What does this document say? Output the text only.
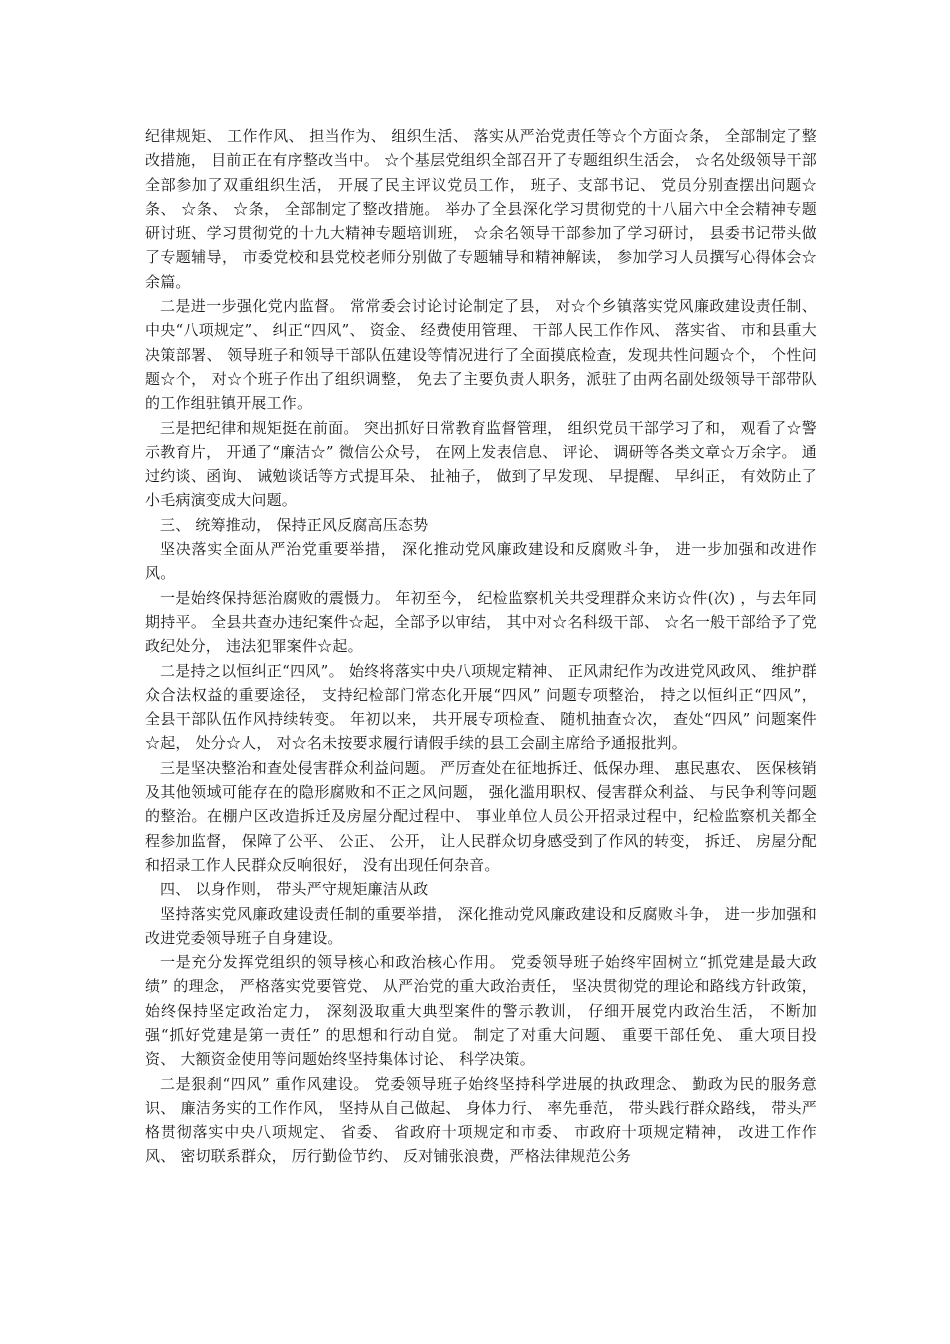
纪律规矩、 工作作风、 担当作为、 组织生活、 落实从严治党责任等☆个方面☆条， 全部制定了整改措施， 目前正在有序整改当中。 ☆个基层党组织全部召开了专题组织生活会， ☆名处级领导干部全部参加了双重组织生活， 开展了民主评议党员工作， 班子、支部书记、 党员分别查摆出问题☆条、 ☆条、 ☆条， 全部制定了整改措施。 举办了全县深化学习贯彻党的十八届六中全会精神专题研讨班、学习贯彻党的十九大精神专题培训班， ☆余名领导干部参加了学习研讨， 县委书记带头做了专题辅导， 市委党校和县党校老师分别做了专题辅导和精神解读， 参加学习人员撰写心得体会☆余篇。

二是进一步强化党内监督。 常常委会讨论讨论制定了县， 对☆个乡镇落实党风廉政建设责任制、 中央“八项规定”、 纠正“四风”、 资金、 经费使用管理、 干部人民工作作风、 落实省、 市和县重大决策部署、 领导班子和领导干部队伍建设等情况进行了全面摸底检查，发现共性问题☆个， 个性问题☆个， 对☆个班子作出了组织调整， 免去了主要负责人职务，派驻了由两名副处级领导干部带队的工作组驻镇开展工作。

三是把纪律和规矩挺在前面。 突出抓好日常教育监督管理， 组织党员干部学习了和， 观看了☆警示教育片， 开通了“廉洁☆” 微信公众号， 在网上发表信息、 评论、 调研等各类文章☆万余字。 通过约谈、函询、 诫勉谈话等方式提耳朵、 扯袖子， 做到了早发现、 早提醒、 早纠正， 有效防止了小毛病演变成大问题。

三、 统筹推动， 保持正风反腐高压态势

坚决落实全面从严治党重要举措， 深化推动党风廉政建设和反腐败斗争， 进一步加强和改进作风。

一是始终保持惩治腐败的震慑力。 年初至今， 纪检监察机关共受理群众来访☆件(次) ，与去年同期持平。 全县共查办违纪案件☆起，全部予以审结， 其中对☆名科级干部、 ☆名一般干部给予了党政纪处分， 违法犯罪案件☆起。

二是持之以恒纠正“四风”。 始终将落实中央八项规定精神、 正风肃纪作为改进党风政风、 维护群众合法权益的重要途径， 支持纪检部门常态化开展“四风” 问题专项整治， 持之以恒纠正“四风”， 全县干部队伍作风持续转变。 年初以来， 共开展专项检查、 随机抽查☆次， 查处“四风” 问题案件☆起， 处分☆人， 对☆名未按要求履行请假手续的县工会副主席给予通报批判。

三是坚决整治和查处侵害群众利益问题。 严厉查处在征地拆迁、低保办理、 惠民惠农、 医保核销及其他领域可能存在的隐形腐败和不正之风问题， 强化滥用职权、侵害群众利益、 与民争利等问题的整治。在棚户区改造拆迁及房屋分配过程中、 事业单位人员公开招录过程中，纪检监察机关都全程参加监督， 保障了公平、 公正、 公开， 让人民群众切身感受到了作风的转变， 拆迁、 房屋分配和招录工作人民群众反响很好， 没有出现任何杂音。

四、 以身作则， 带头严守规矩廉洁从政

坚持落实党风廉政建设责任制的重要举措， 深化推动党风廉政建设和反腐败斗争， 进一步加强和改进党委领导班子自身建设。

一是充分发挥党组织的领导核心和政治核心作用。 党委领导班子始终牢固树立“抓党建是最大政绩” 的理念， 严格落实党要管党、 从严治党的重大政治责任， 坚决贯彻党的理论和路线方针政策， 始终保持坚定政治定力， 深刻汲取重大典型案件的警示教训， 仔细开展党内政治生活， 不断加强“抓好党建是第一责任” 的思想和行动自觉。 制定了对重大问题、 重要干部任免、 重大项目投资、 大额资金使用等问题始终坚持集体讨论、 科学决策。

二是狠刹“四风” 重作风建设。 党委领导班子始终坚持科学进展的执政理念、 勤政为民的服务意识、 廉洁务实的工作作风， 坚持从自己做起、 身体力行、 率先垂范， 带头践行群众路线， 带头严格贯彻落实中央八项规定、 省委、 省政府十项规定和市委、 市政府十项规定精神， 改进工作作风、 密切联系群众， 厉行勤俭节约、 反对铺张浪费，严格法律规范公务
